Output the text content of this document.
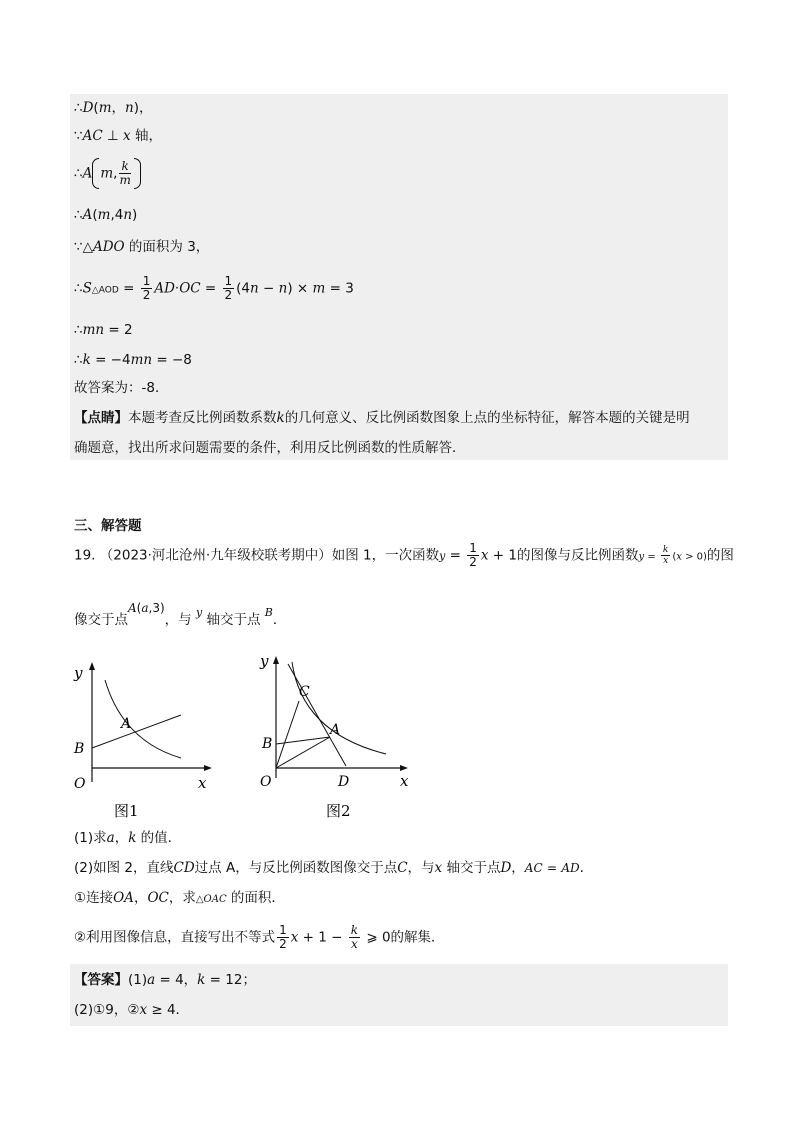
∴D(m，n)，
∵AC ⊥ x 轴，
∴A m, $\frac{k}{m}$
∴A(m,4n)
∵△ADO 的面积为 3，
∴S△AOD = $\frac{1}{2} AD\cdot OC = \frac{1}{2} (4n - n) \times m = 3$
∴mn = 2
∴k = −4mn = −8
故答案为：-8．
【点睛】本题考查反比例函数系数k的几何意义、反比例函数图象上点的坐标特征，解答本题的关键是明
确题意，找出所求问题需要的条件，利用反比例函数的性质解答．
三、解答题
19. （2023·河北沧州·九年级校联考期中）如图 1，一次函数$y = \frac{1}{2}$ x + 1的图像与反比例函数$y = \frac{k}{x} (x > 0)$的图
像交于点A(a,3)，与 $^y$ 轴交于点 $^B$．
y
A
B
O	x
图1
y
C
A
B
O	D	x
图2
(1)求a，k 的值．
(2)如图 2，直线CD过点 A，与反比例函数图像交于点C，与x 轴交于点D，AC = AD．
①连接OA，OC，求△OAC 的面积．
②利用图像信息，直接写出不等式 $\frac{1}{2}$ $x + 1 - \frac{k}{x}$ ⩾ 0的解集．
【答案】(1)a = 4，k = 12；
(2)①9，②x ≥ 4．
